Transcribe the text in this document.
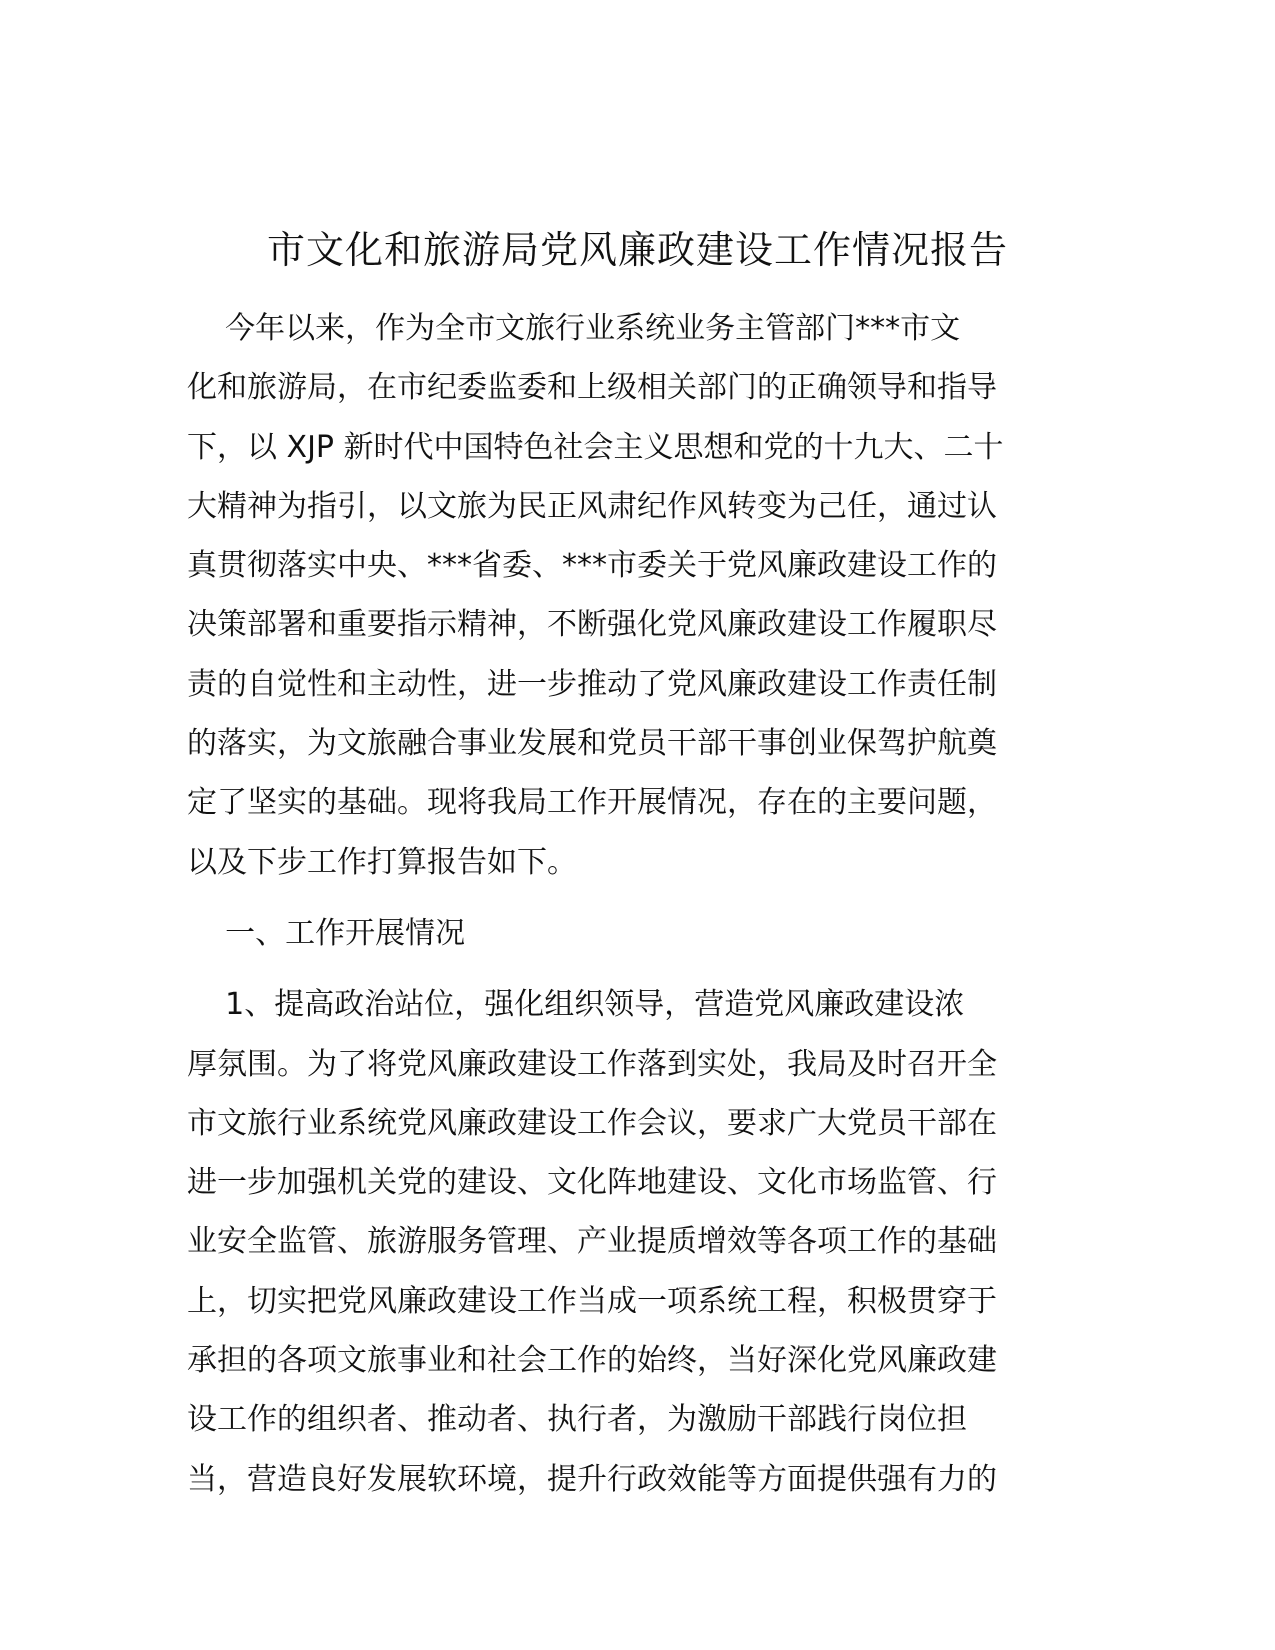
市文化和旅游局党风廉政建设工作情况报告
今年以来，作为全市文旅行业系统业务主管部门***市文
化和旅游局，在市纪委监委和上级相关部门的正确领导和指导
下，以 XJP 新时代中国特色社会主义思想和党的十九大、二十
大精神为指引，以文旅为民正风肃纪作风转变为己任，通过认
真贯彻落实中央、***省委、***市委关于党风廉政建设工作的
决策部署和重要指示精神，不断强化党风廉政建设工作履职尽
责的自觉性和主动性，进一步推动了党风廉政建设工作责任制
的落实，为文旅融合事业发展和党员干部干事创业保驾护航奠
定了坚实的基础。现将我局工作开展情况，存在的主要问题，
以及下步工作打算报告如下。
一、工作开展情况
1、提高政治站位，强化组织领导，营造党风廉政建设浓
厚氛围。为了将党风廉政建设工作落到实处，我局及时召开全
市文旅行业系统党风廉政建设工作会议，要求广大党员干部在
进一步加强机关党的建设、文化阵地建设、文化市场监管、行
业安全监管、旅游服务管理、产业提质增效等各项工作的基础
上，切实把党风廉政建设工作当成一项系统工程，积极贯穿于
承担的各项文旅事业和社会工作的始终，当好深化党风廉政建
设工作的组织者、推动者、执行者，为激励干部践行岗位担
当，营造良好发展软环境，提升行政效能等方面提供强有力的
